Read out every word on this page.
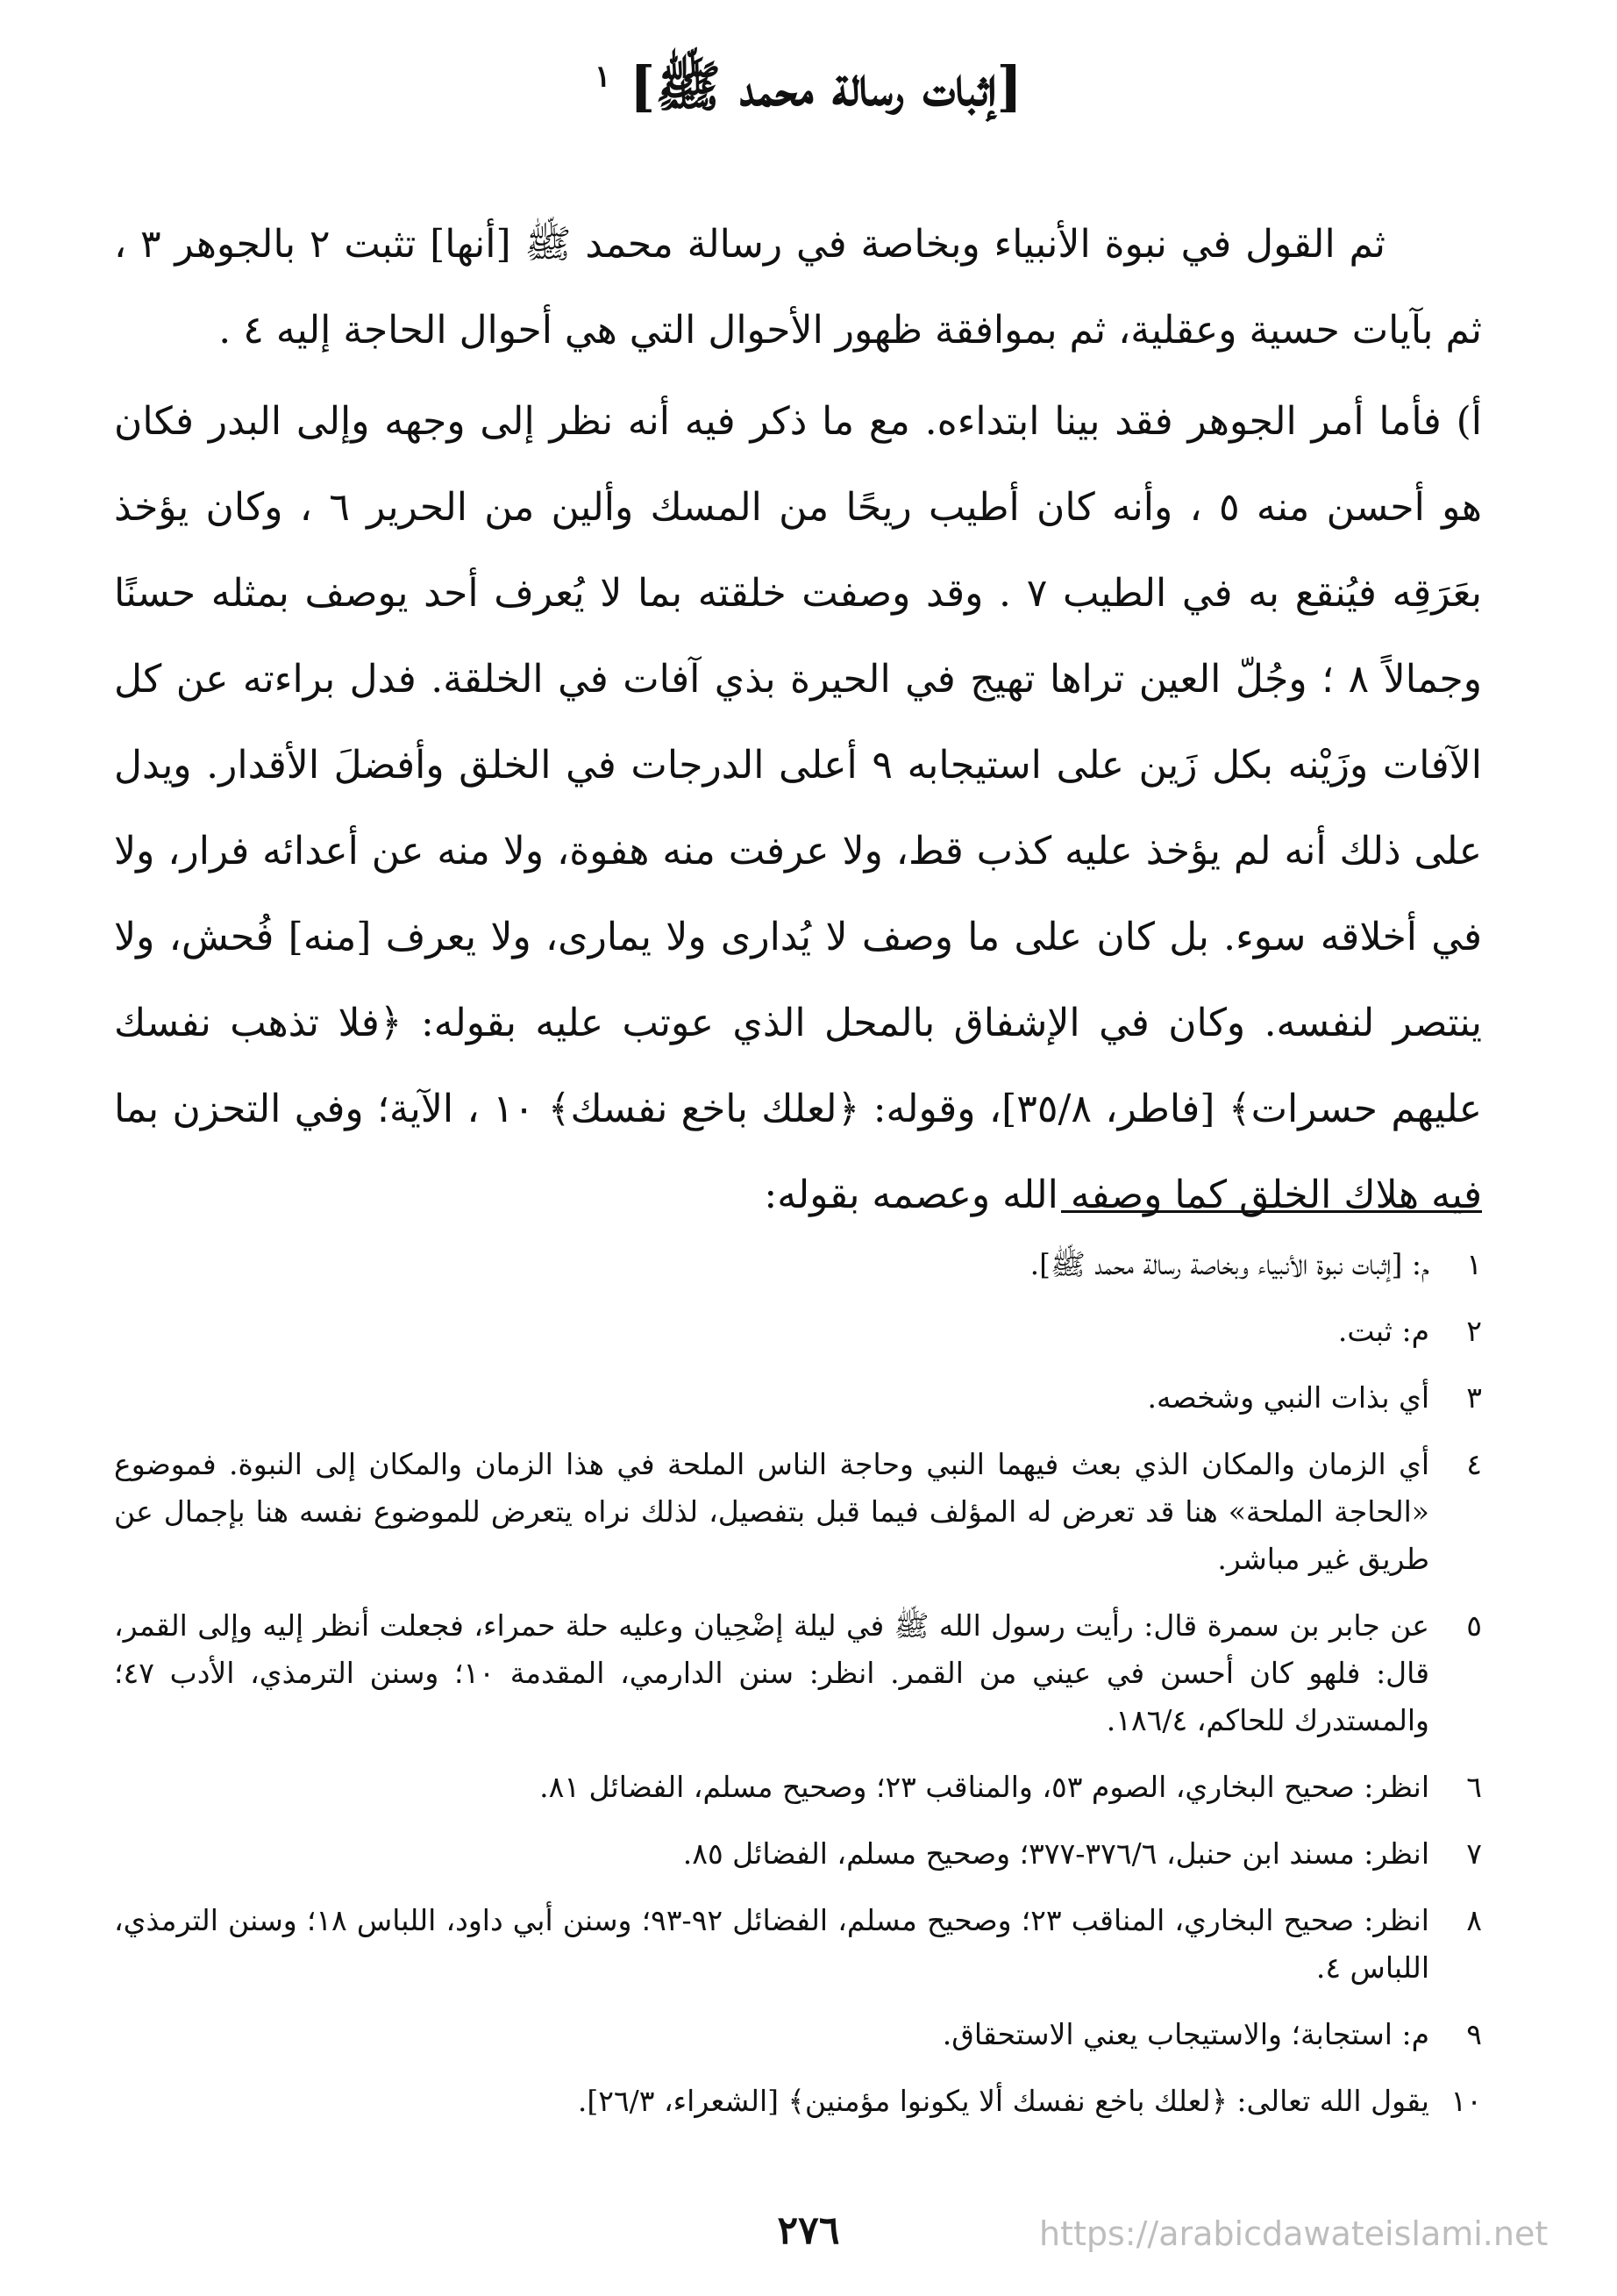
[إثبات رسالة محمد ﷺ] $^١$

ثم القول في نبوة الأنبياء وبخاصة في رسالة محمد ﷺ [أنها] تثبت ٢ بالجوهر ٣ ، ثم بآيات حسية وعقلية، ثم بموافقة ظهور الأحوال التي هي أحوال الحاجة إليه ٤ .

أ) فأما أمر الجوهر فقد بينا ابتداءه. مع ما ذكر فيه أنه نظر إلى وجهه وإلى البدر فكان هو أحسن منه ٥ ، وأنه كان أطيب ريحًا من المسك وألين من الحرير ٦ ، وكان يؤخذ بعَرَقِه فيُنقع به في الطيب ٧ . وقد وصفت خلقته بما لا يُعرف أحد يوصف بمثله حسنًا وجمالاً ٨ ؛ وجُلّ العين تراها تهيج في الحيرة بذي آفات في الخلقة. فدل براءته عن كل الآفات وزَيْنه بكل زَين على استيجابه ٩ أعلى الدرجات في الخلق وأفضلَ الأقدار. ويدل على ذلك أنه لم يؤخذ عليه كذب قط، ولا عرفت منه هفوة، ولا منه عن أعدائه فرار، ولا في أخلاقه سوء. بل كان على ما وصف لا يُدارى ولا يمارى، ولا يعرف [منه] فُحش، ولا ينتصر لنفسه. وكان في الإشفاق بالمحل الذي عوتب عليه بقوله: ﴿فلا تذهب نفسك عليهم حسرات﴾ [فاطر، ٣٥/٨]، وقوله: ﴿لعلك باخع نفسك﴾ ١٠ ، الآية؛ وفي التحزن بما فيه هلاك الخلق كما وصفه الله وعصمه بقوله:

١
م: [إثبات نبوة الأنبياء وبخاصة رسالة محمد ﷺ].
٢
م: ثبت.
٣
أي بذات النبي وشخصه.
٤
أي الزمان والمكان الذي بعث فيهما النبي وحاجة الناس الملحة في هذا الزمان والمكان إلى النبوة. فموضوع «الحاجة الملحة» هنا قد تعرض له المؤلف فيما قبل بتفصيل، لذلك نراه يتعرض للموضوع نفسه هنا بإجمال عن طريق غير مباشر.
٥
عن جابر بن سمرة قال: رأيت رسول الله ﷺ في ليلة إضْحِيان وعليه حلة حمراء، فجعلت أنظر إليه وإلى القمر، قال: فلهو كان أحسن في عيني من القمر. انظر: سنن الدارمي، المقدمة ١٠؛ وسنن الترمذي، الأدب ٤٧؛ والمستدرك للحاكم، ١٨٦/٤.
٦
انظر: صحيح البخاري، الصوم ٥٣، والمناقب ٢٣؛ وصحيح مسلم، الفضائل ٨١.
٧
انظر: مسند ابن حنبل، ٣٧٦/٦-٣٧٧؛ وصحيح مسلم، الفضائل ٨٥.
٨
انظر: صحيح البخاري، المناقب ٢٣؛ وصحيح مسلم، الفضائل ٩٢-٩٣؛ وسنن أبي داود، اللباس ١٨؛ وسنن الترمذي، اللباس ٤.
٩
م: استجابة؛ والاستيجاب يعني الاستحقاق.
١٠
يقول الله تعالى: ﴿لعلك باخع نفسك ألا يكونوا مؤمنين﴾ [الشعراء، ٢٦/٣].
٢٧٦	https://arabicdawateislami.net
